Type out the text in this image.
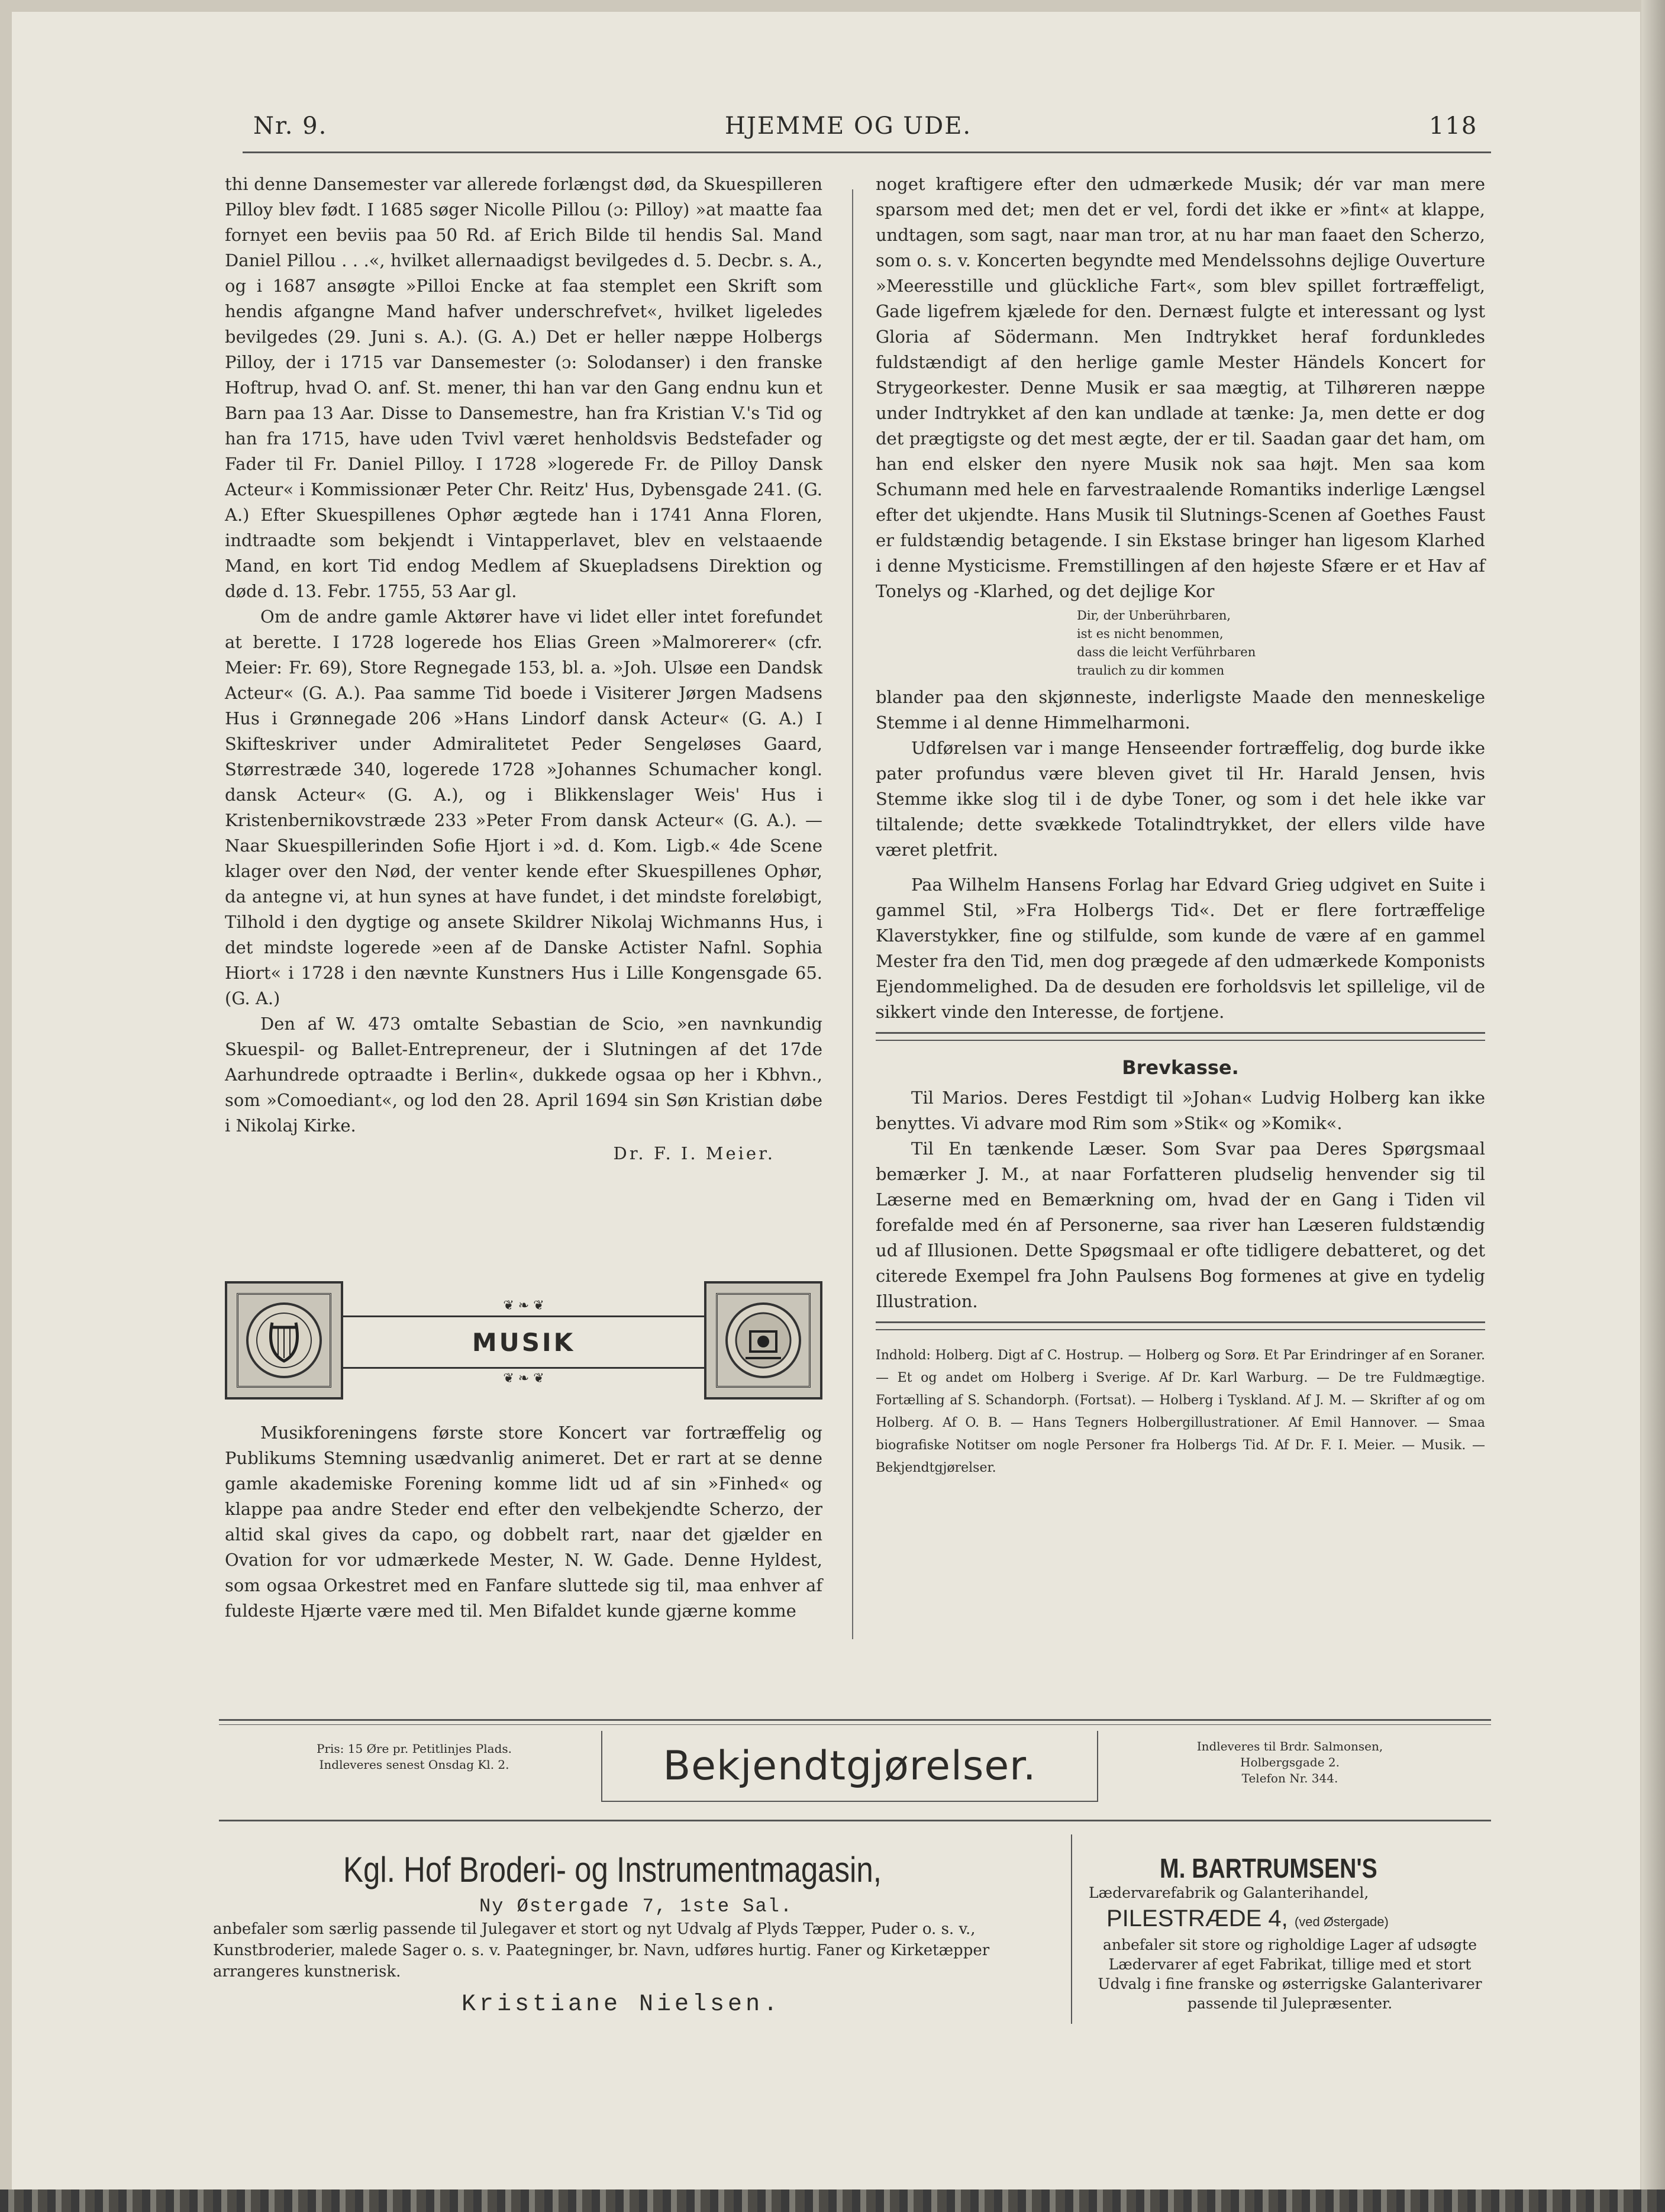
Nr. 9.	HJEMME OG UDE.	118

thi denne Dansemester var allerede forlængst død, da Skuespilleren Pilloy blev født. I 1685 søger Nicolle Pillou (ɔ: Pilloy) »at maatte faa fornyet een beviis paa 50 Rd. af Erich Bilde til hendis Sal. Mand Daniel Pillou . . .«, hvilket allernaadigst bevilgedes d. 5. Decbr. s. A., og i 1687 ansøgte »Pilloi Encke at faa stemplet een Skrift som hendis afgangne Mand hafver underschrefvet«, hvilket ligeledes bevilgedes (29. Juni s. A.). (G. A.) Det er heller næppe Holbergs Pilloy, der i 1715 var Dansemester (ɔ: Solodanser) i den franske Hoftrup, hvad O. anf. St. mener, thi han var den Gang endnu kun et Barn paa 13 Aar. Disse to Dansemestre, han fra Kristian V.'s Tid og han fra 1715, have uden Tvivl været henholdsvis Bedstefader og Fader til Fr. Daniel Pilloy. I 1728 »logerede Fr. de Pilloy Dansk Acteur« i Kommissionær Peter Chr. Reitz' Hus, Dybensgade 241. (G. A.) Efter Skuespillenes Ophør ægtede han i 1741 Anna Floren, indtraadte som bekjendt i Vintapperlavet, blev en velstaaende Mand, en kort Tid endog Medlem af Skuepladsens Direktion og døde d. 13. Febr. 1755, 53 Aar gl.

Om de andre gamle Aktører have vi lidet eller intet forefundet at berette. I 1728 logerede hos Elias Green »Malmorerer« (cfr. Meier: Fr. 69), Store Regnegade 153, bl. a. »Joh. Ulsøe een Dandsk Acteur« (G. A.). Paa samme Tid boede i Visiterer Jørgen Madsens Hus i Grønnegade 206 »Hans Lindorf dansk Acteur« (G. A.) I Skifteskriver under Admiralitetet Peder Sengeløses Gaard, Størrestræde 340, logerede 1728 »Johannes Schumacher kongl. dansk Acteur« (G. A.), og i Blikkenslager Weis' Hus i Kristenbernikovstræde 233 »Peter From dansk Acteur« (G. A.). — Naar Skuespillerinden Sofie Hjort i »d. d. Kom. Ligb.« 4de Scene klager over den Nød, der venter kende efter Skuespillenes Ophør, da antegne vi, at hun synes at have fundet, i det mindste foreløbigt, Tilhold i den dygtige og ansete Skildrer Nikolaj Wichmanns Hus, i det mindste logerede »een af de Danske Actister Nafnl. Sophia Hiort« i 1728 i den nævnte Kunstners Hus i Lille Kongensgade 65. (G. A.)

Den af W. 473 omtalte Sebastian de Scio, »en navnkundig Skuespil- og Ballet-Entrepreneur, der i Slutningen af det 17de Aarhundrede optraadte i Berlin«, dukkede ogsaa op her i Kbhvn., som »Comoediant«, og lod den 28. April 1694 sin Søn Kristian døbe i Nikolaj Kirke.

Dr. F. I. Meier.

❦ ❧ ❦
MUSIK
❦ ❧ ❦

Musikforeningens første store Koncert var fortræffelig og Publikums Stemning usædvanlig animeret. Det er rart at se denne gamle akademiske Forening komme lidt ud af sin »Finhed« og klappe paa andre Steder end efter den velbekjendte Scherzo, der altid skal gives da capo, og dobbelt rart, naar det gjælder en Ovation for vor udmærkede Mester, N. W. Gade. Denne Hyldest, som ogsaa Orkestret med en Fanfare sluttede sig til, maa enhver af fuldeste Hjærte være med til. Men Bifaldet kunde gjærne komme

noget kraftigere efter den udmærkede Musik; dér var man mere sparsom med det; men det er vel, fordi det ikke er »fint« at klappe, undtagen, som sagt, naar man tror, at nu har man faaet den Scherzo, som o. s. v. Koncerten begyndte med Mendelssohns dejlige Ouverture »Meeresstille und glückliche Fart«, som blev spillet fortræffeligt, Gade ligefrem kjælede for den. Dernæst fulgte et interessant og lyst Gloria af Södermann. Men Indtrykket heraf fordunkledes fuldstændigt af den herlige gamle Mester Händels Koncert for Strygeorkester. Denne Musik er saa mægtig, at Tilhøreren næppe under Indtrykket af den kan undlade at tænke: Ja, men dette er dog det prægtigste og det mest ægte, der er til. Saadan gaar det ham, om han end elsker den nyere Musik nok saa højt. Men saa kom Schumann med hele en farvestraalende Romantiks inderlige Længsel efter det ukjendte. Hans Musik til Slutnings-Scenen af Goethes Faust er fuldstændig betagende. I sin Ekstase bringer han ligesom Klarhed i denne Mysticisme. Fremstillingen af den højeste Sfære er et Hav af Tonelys og -Klarhed, og det dejlige Kor

Dir, der Unberührbaren,
ist es nicht benommen,
dass die leicht Verführbaren
traulich zu dir kommen

blander paa den skjønneste, inderligste Maade den menneskelige Stemme i al denne Himmelharmoni.

Udførelsen var i mange Henseender fortræffelig, dog burde ikke pater profundus være bleven givet til Hr. Harald Jensen, hvis Stemme ikke slog til i de dybe Toner, og som i det hele ikke var tiltalende; dette svækkede Totalindtrykket, der ellers vilde have været pletfrit.

Paa Wilhelm Hansens Forlag har Edvard Grieg udgivet en Suite i gammel Stil, »Fra Holbergs Tid«. Det er flere fortræffelige Klaverstykker, fine og stilfulde, som kunde de være af en gammel Mester fra den Tid, men dog prægede af den udmærkede Komponists Ejendommelighed. Da de desuden ere forholdsvis let spillelige, vil de sikkert vinde den Interesse, de fortjene.

Brevkasse.

Til Marios. Deres Festdigt til »Johan« Ludvig Holberg kan ikke benyttes. Vi advare mod Rim som »Stik« og »Komik«.

Til En tænkende Læser. Som Svar paa Deres Spørgsmaal bemærker J. M., at naar Forfatteren pludselig henvender sig til Læserne med en Bemærkning om, hvad der en Gang i Tiden vil forefalde med én af Personerne, saa river han Læseren fuldstændig ud af Illusionen. Dette Spøgsmaal er ofte tidligere debatteret, og det citerede Exempel fra John Paulsens Bog formenes at give en tydelig Illustration.

Indhold: Holberg. Digt af C. Hostrup. — Holberg og Sorø. Et Par Erindringer af en Soraner. — Et og andet om Holberg i Sverige. Af Dr. Karl Warburg. — De tre Fuldmægtige. Fortælling af S. Schandorph. (Fortsat). — Holberg i Tyskland. Af J. M. — Skrifter af og om Holberg. Af O. B. — Hans Tegners Holbergillustrationer. Af Emil Hannover. — Smaa biografiske Notitser om nogle Personer fra Holbergs Tid. Af Dr. F. I. Meier. — Musik. — Bekjendtgjørelser.

Pris: 15 Øre pr. Petitlinjes Plads.
Indleveres senest Onsdag Kl. 2.	Bekjendtgjørelser.	Indleveres til Brdr. Salmonsen,
Holbergsgade 2.
Telefon Nr. 344.
Kgl. Hof Broderi- og Instrumentmagasin,
Ny Østergade 7, 1ste Sal.
anbefaler som særlig passende til Julegaver et stort og nyt Udvalg af Plyds Tæpper, Puder o. s. v., Kunstbroderier, malede Sager o. s. v. Paategninger, br. Navn, udføres hurtig. Faner og Kirketæpper arrangeres kunstnerisk.
Kristiane Nielsen.
M. BARTRUMSEN'S
Lædervarefabrik og Galanterihandel,
PILESTRÆDE 4, (ved Østergade)
anbefaler sit store og righoldige Lager af udsøgte Lædervarer af eget Fabrikat, tillige med et stort Udvalg i fine franske og østerrigske Galanterivarer passende til Julepræsenter.
